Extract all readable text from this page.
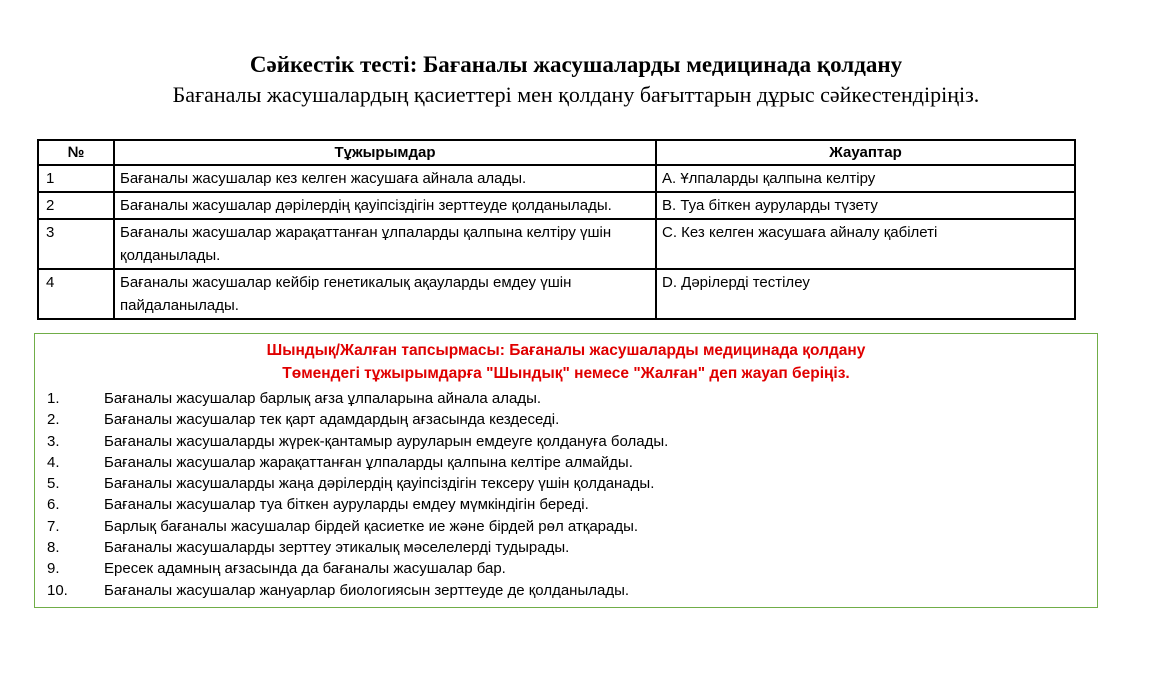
Сәйкестік тесті: Бағаналы жасушаларды медицинада қолдану
Бағаналы жасушалардың қасиеттері мен қолдану бағыттарын дұрыс сәйкестендіріңіз.
№	Тұжырымдар	Жауаптар
1	Бағаналы жасушалар кез келген жасушаға айнала алады.	A. Ұлпаларды қалпына келтіру
2	Бағаналы жасушалар дәрілердің қауіпсіздігін зерттеуде қолданылады.	B. Туа біткен ауруларды түзету
3	Бағаналы жасушалар жарақаттанған ұлпаларды қалпына келтіру үшін қолданылады.	C. Кез келген жасушаға айналу қабілеті
4	Бағаналы жасушалар кейбір генетикалық ақауларды емдеу үшін пайдаланылады.	D. Дәрілерді тестілеу
Шындық/Жалған тапсырмасы: Бағаналы жасушаларды медицинада қолдану
Төмендегі тұжырымдарға "Шындық" немесе "Жалған" деп жауап беріңіз.
1.	Бағаналы жасушалар барлық ағза ұлпаларына айнала алады.
2.	Бағаналы жасушалар тек қарт адамдардың ағзасында кездеседі.
3.	Бағаналы жасушаларды жүрек-қантамыр ауруларын емдеуге қолдануға болады.
4.	Бағаналы жасушалар жарақаттанған ұлпаларды қалпына келтіре алмайды.
5.	Бағаналы жасушаларды жаңа дәрілердің қауіпсіздігін тексеру үшін қолданады.
6.	Бағаналы жасушалар туа біткен ауруларды емдеу мүмкіндігін береді.
7.	Барлық бағаналы жасушалар бірдей қасиетке ие және бірдей рөл атқарады.
8.	Бағаналы жасушаларды зерттеу этикалық мәселелерді тудырады.
9.	Ересек адамның ағзасында да бағаналы жасушалар бар.
10.	Бағаналы жасушалар жануарлар биологиясын зерттеуде де қолданылады.
